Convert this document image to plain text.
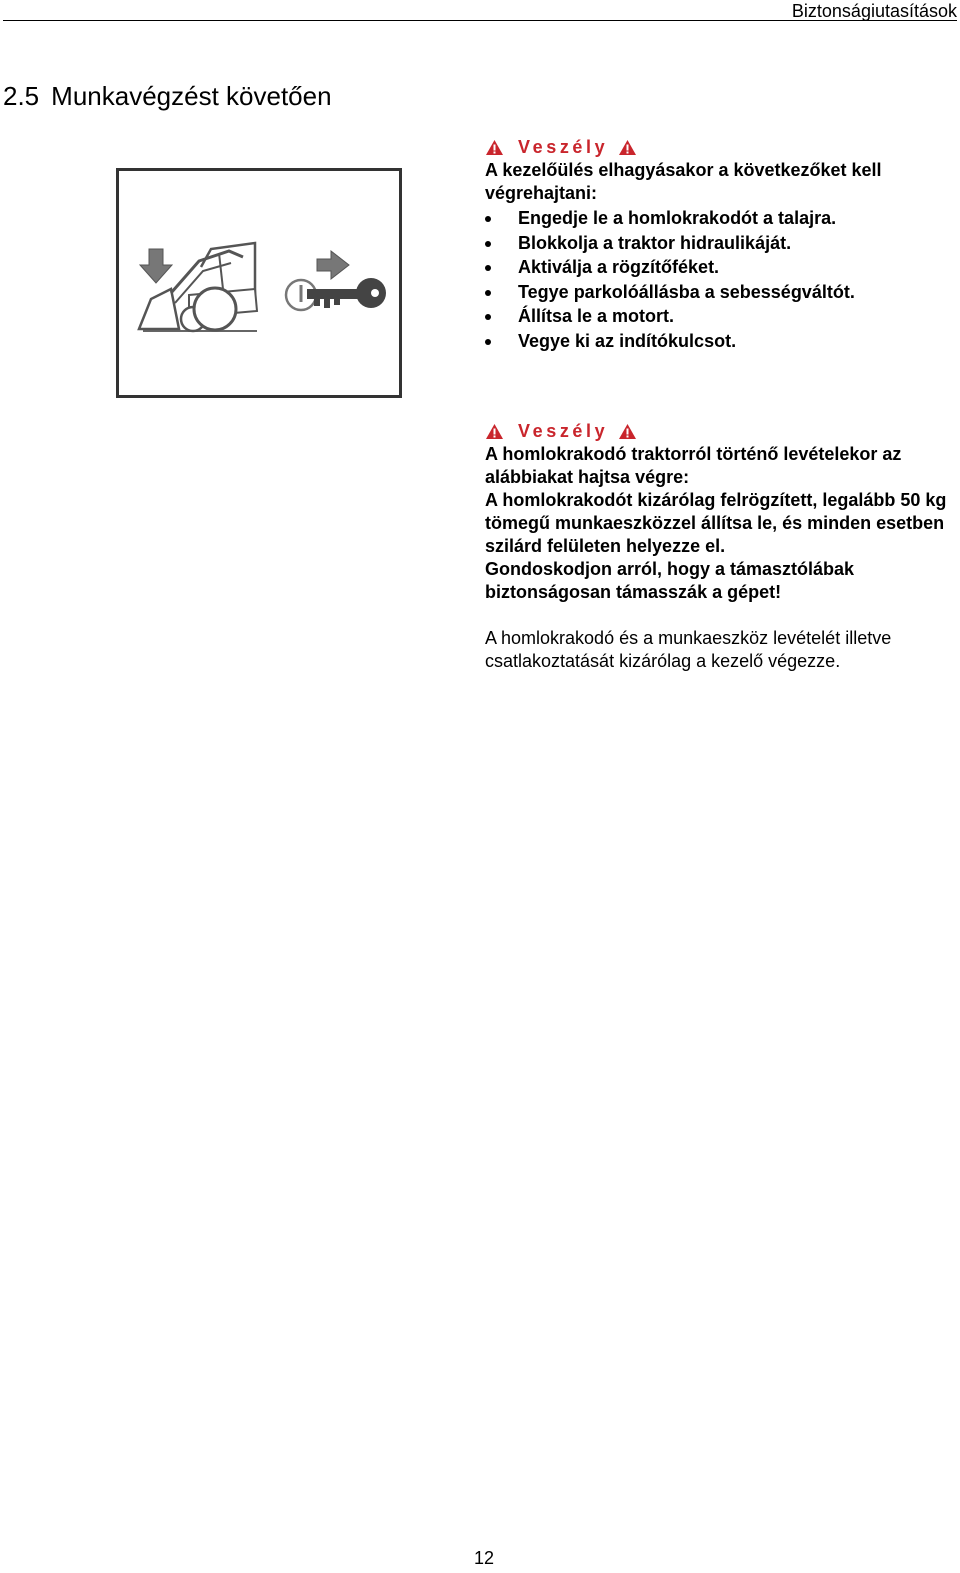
Biztonságiutasítások
2.5 Munkavégzést követően
Veszély

A kezelőülés elhagyásakor a következőket kell végrehajtani:

Engedje le a homlokrakodót a talajra.
Blokkolja a traktor hidraulikáját.
Aktiválja a rögzítőféket.
Tegye parkolóállásba a sebességváltót.
Állítsa le a motort.
Vegye ki az indítókulcsot.
Veszély

A homlokrakodó traktorról történő levételekor az alábbiakat hajtsa végre:

A homlokrakodót kizárólag felrögzített, legalább 50 kg tömegű munkaeszközzel állítsa le, és minden esetben szilárd felületen helyezze el.

Gondoskodjon arról, hogy a támasztólábak biztonságosan támasszák a gépet!

A homlokrakodó és a munkaeszköz levételét illetve csatlakoztatását kizárólag a kezelő végezze.

12
